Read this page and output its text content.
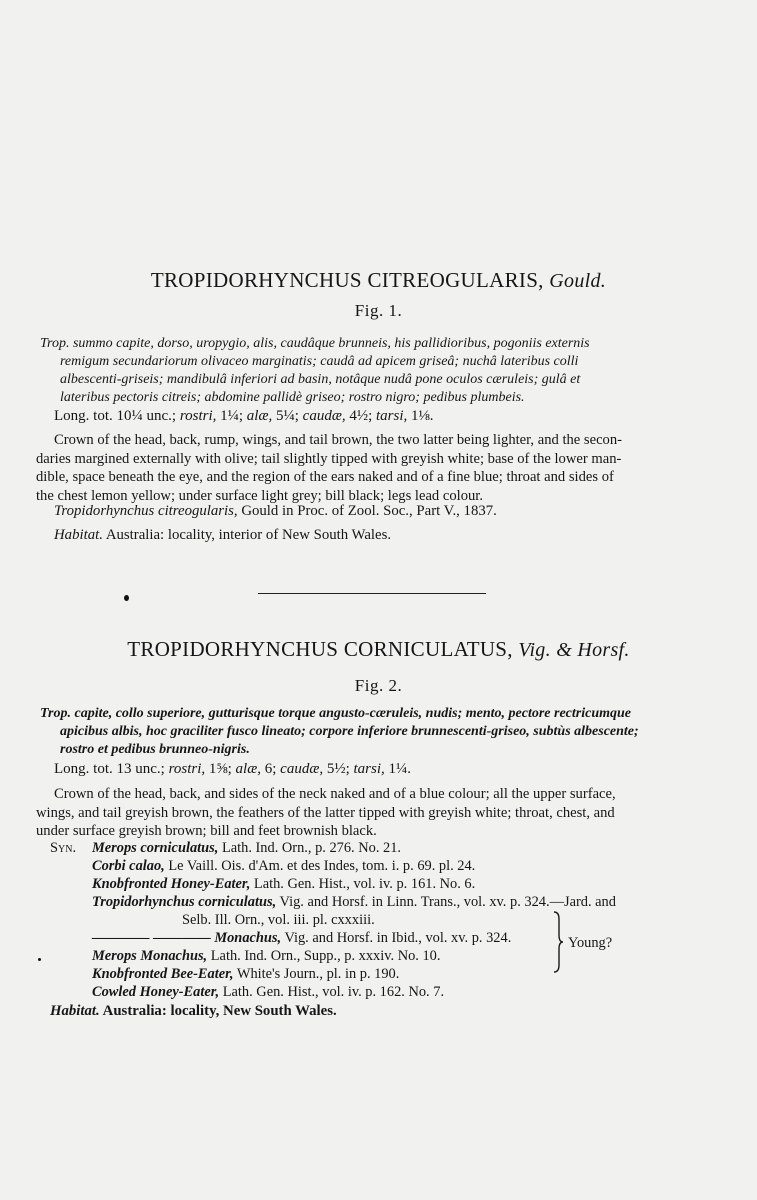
TROPIDORHYNCHUS CITREOGULARIS, Gould.
Fig. 1.
Trop. summo capite, dorso, uropygio, alis, caudâque brunneis, his pallidioribus, pogoniis externis
remigum secundariorum olivaceo marginatis; caudâ ad apicem griseâ; nuchâ lateribus colli
albescenti-griseis; mandibulâ inferiori ad basin, notâque nudâ pone oculos cæruleis; gulâ et
lateribus pectoris citreis; abdomine pallidè griseo; rostro nigro; pedibus plumbeis.
Long. tot. 10¼ unc.; rostri, 1¼; alæ, 5¼; caudæ, 4½; tarsi, 1⅛.
Crown of the head, back, rump, wings, and tail brown, the two latter being lighter, and the secon-
daries margined externally with olive; tail slightly tipped with greyish white; base of the lower man-
dible, space beneath the eye, and the region of the ears naked and of a fine blue; throat and sides of
the chest lemon yellow; under surface light grey; bill black; legs lead colour.
Tropidorhynchus citreogularis, Gould in Proc. of Zool. Soc., Part V., 1837.
Habitat. Australia: locality, interior of New South Wales.
TROPIDORHYNCHUS CORNICULATUS, Vig. & Horsf.
Fig. 2.
Trop. capite, collo superiore, gutturisque torque angusto-cæruleis, nudis; mento, pectore rectricumque
apicibus albis, hoc graciliter fusco lineato; corpore inferiore brunnescenti-griseo, subtùs albescente;
rostro et pedibus brunneo-nigris.
Long. tot. 13 unc.; rostri, 1⅝; alæ, 6; caudæ, 5½; tarsi, 1¼.
Crown of the head, back, and sides of the neck naked and of a blue colour; all the upper surface,
wings, and tail greyish brown, the feathers of the latter tipped with greyish white; throat, chest, and
under surface greyish brown; bill and feet brownish black.
Syn. Merops corniculatus, Lath. Ind. Orn., p. 276. No. 21.
Corbi calao, Le Vaill. Ois. d'Am. et des Indes, tom. i. p. 69. pl. 24.
Knobfronted Honey-Eater, Lath. Gen. Hist., vol. iv. p. 161. No. 6.
Tropidorhynchus corniculatus, Vig. and Horsf. in Linn. Trans., vol. xv. p. 324.—Jard. and
Selb. Ill. Orn., vol. iii. pl. cxxxiii.
———— ———— Monachus, Vig. and Horsf. in Ibid., vol. xv. p. 324.
Merops Monachus, Lath. Ind. Orn., Supp., p. xxxiv. No. 10.
Knobfronted Bee-Eater, White's Journ., pl. in p. 190.
Cowled Honey-Eater, Lath. Gen. Hist., vol. iv. p. 162. No. 7.
Young?
Habitat. Australia: locality, New South Wales.
